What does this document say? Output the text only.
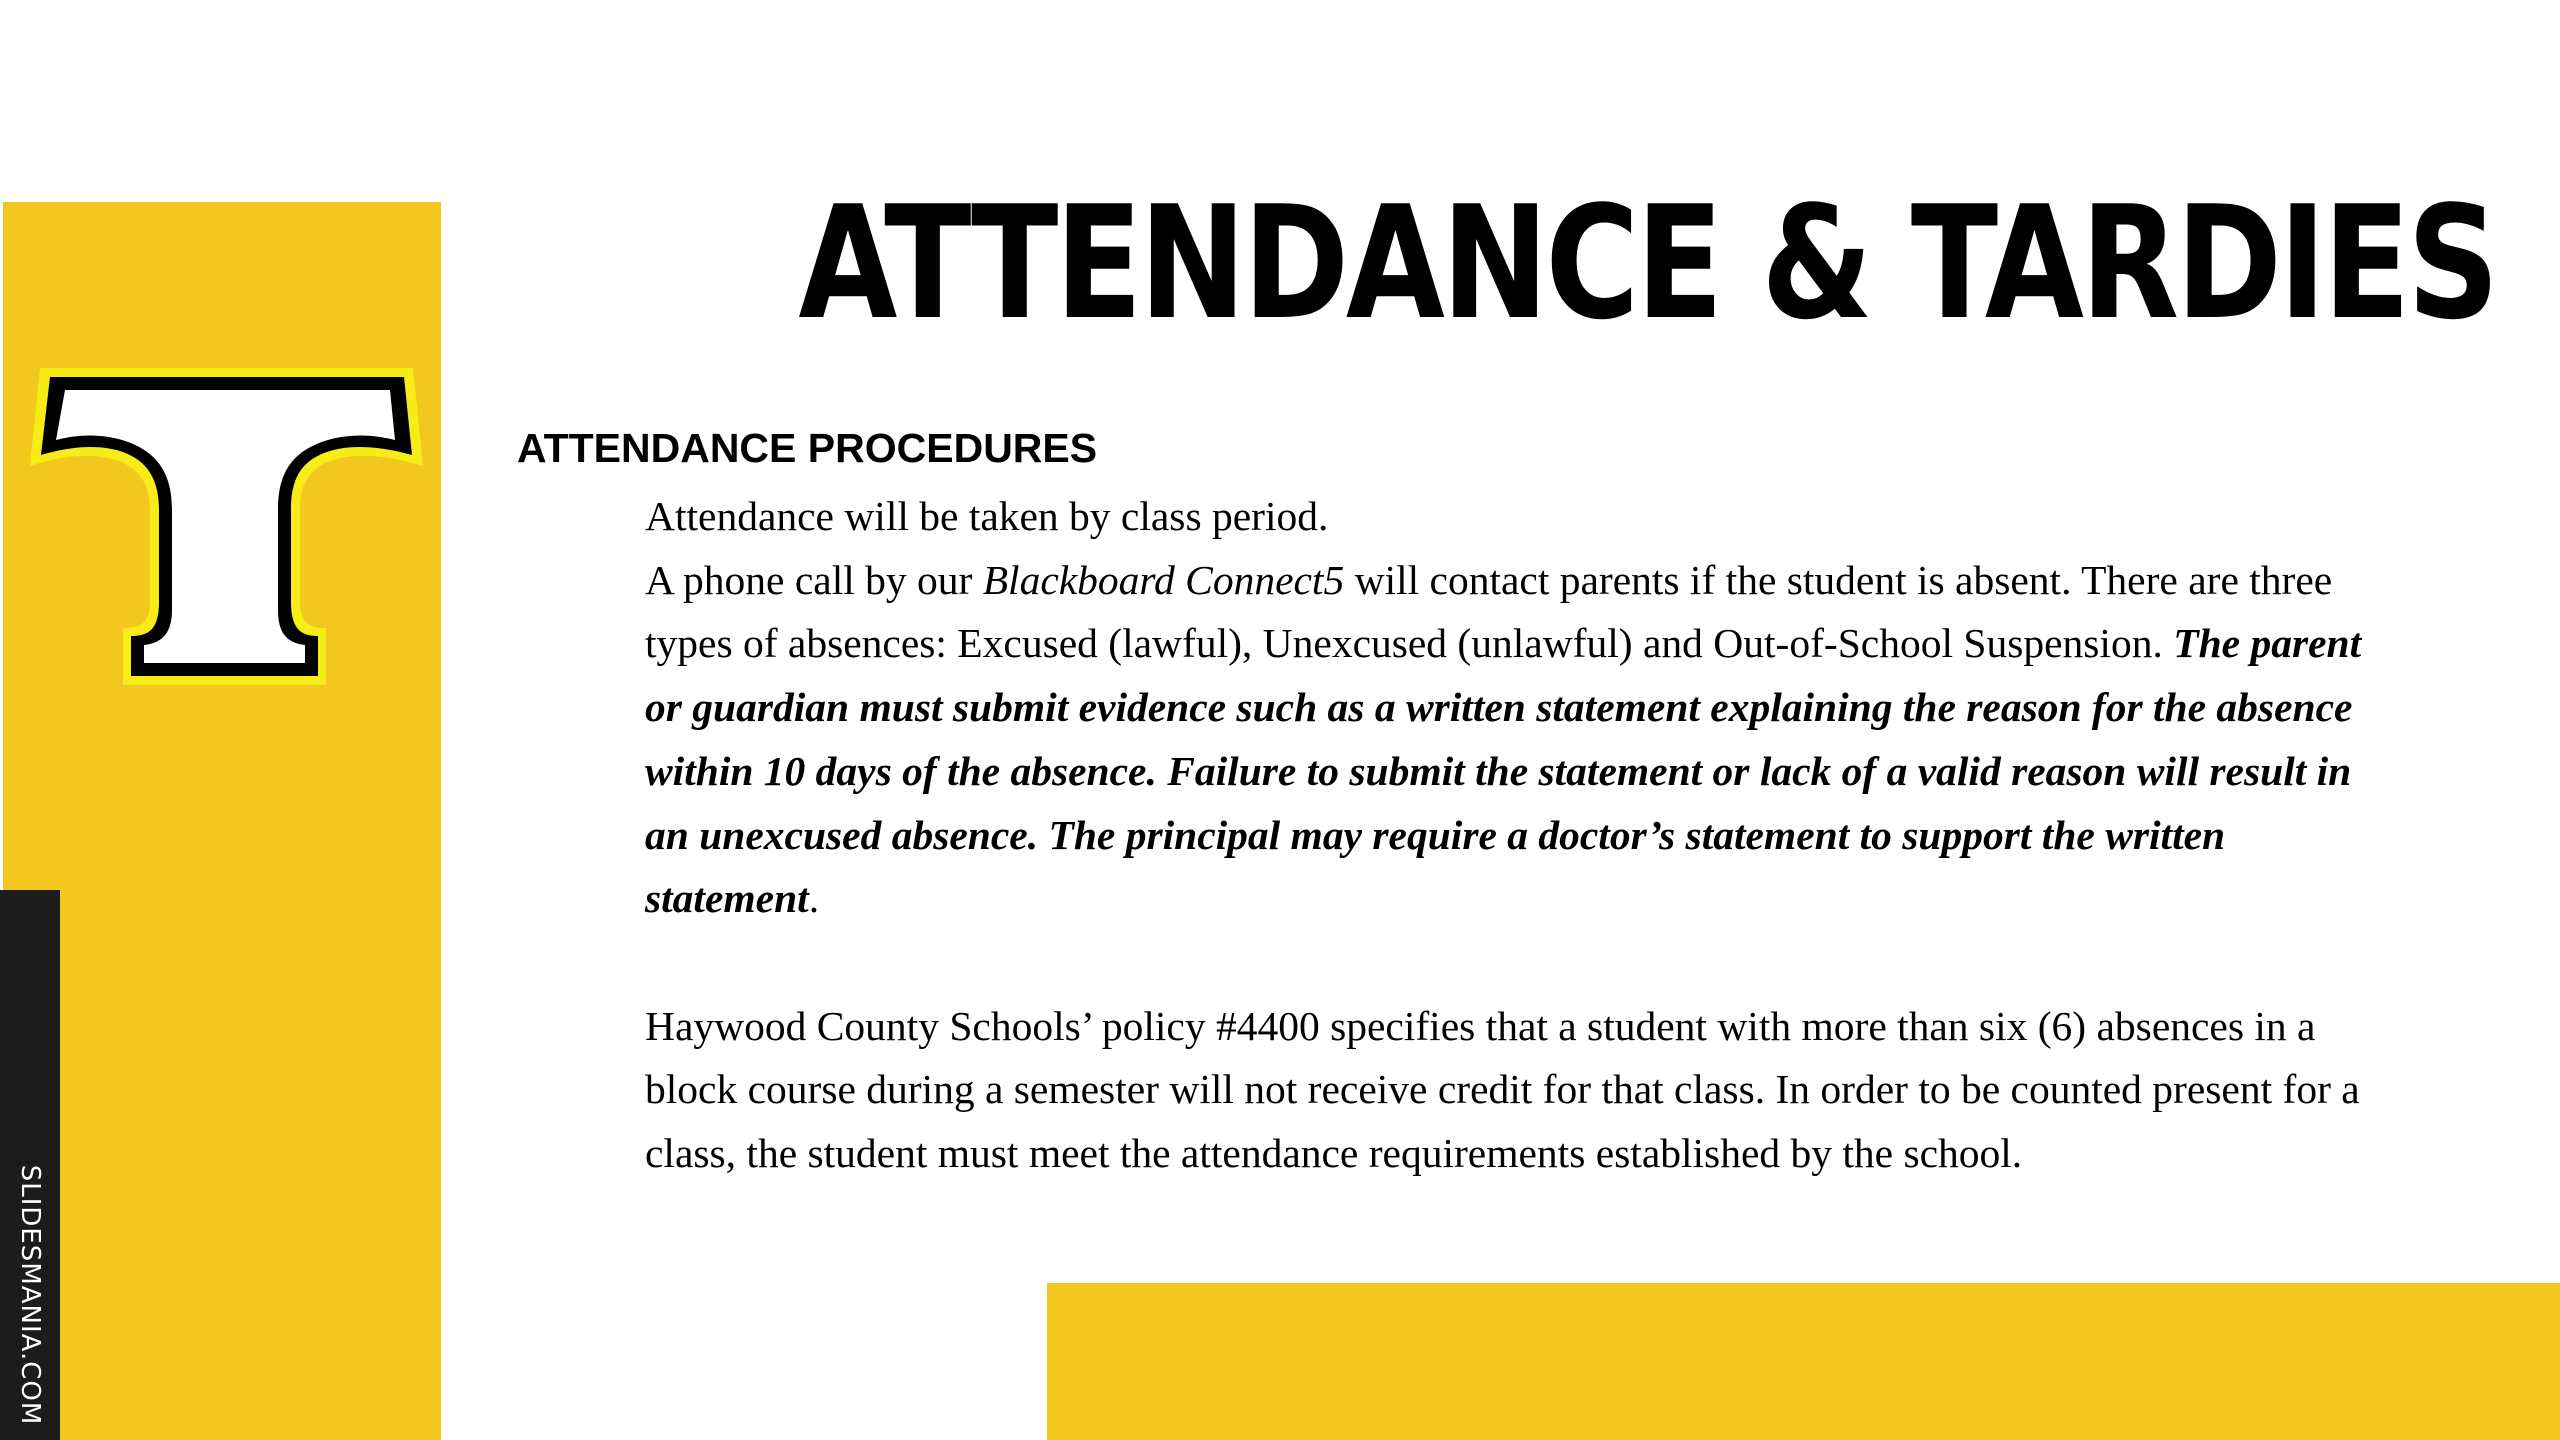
SLIDESMANIA.COM
ATTENDANCE & TARDIES
ATTENDANCE PROCEDURES

Attendance will be taken by class period.

A phone call by our Blackboard Connect5 will contact parents if the student is absent. There are three types of absences: Excused (lawful), Unexcused (unlawful) and Out-of-School Suspension. The parent or guardian must submit evidence such as a written statement explaining the reason for the absence within 10 days of the absence. Failure to submit the statement or lack of a valid reason will result in an unexcused absence. The principal may require a doctor’s statement to support the written statement.

Haywood County Schools’ policy #4400 specifies that a student with more than six (6) absences in a block course during a semester will not receive credit for that class. In order to be counted present for a class, the student must meet the attendance requirements established by the school.
